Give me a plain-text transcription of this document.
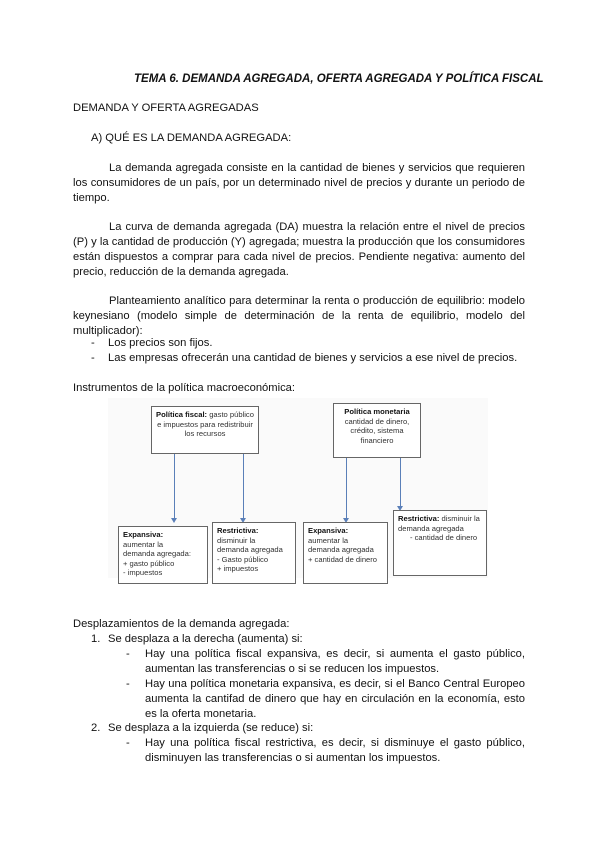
TEMA 6. DEMANDA AGREGADA, OFERTA AGREGADA Y POLÍTICA FISCAL
DEMANDA Y OFERTA AGREGADAS
A) QUÉ ES LA DEMANDA AGREGADA:
La demanda agregada consiste en la cantidad de bienes y servicios que requieren los consumidores de un país, por un determinado nivel de precios y durante un periodo de tiempo.
La curva de demanda agregada (DA) muestra la relación entre el nivel de precios (P) y la cantidad de producción (Y) agregada; muestra la producción que los consumidores están dispuestos a comprar para cada nivel de precios. Pendiente negativa: aumento del precio, reducción de la demanda agregada.
Planteamiento analítico para determinar la renta o producción de equilibrio: modelo keynesiano (modelo simple de determinación de la renta de equilibrio, modelo del multiplicador):
- Los precios son fijos.
- Las empresas ofrecerán una cantidad de bienes y servicios a ese nivel de precios.
Instrumentos de la política macroeconómica:
Política fiscal: gasto público e impuestos para redistribuir los recursos
Política monetaria
cantidad de dinero, crédito, sistema financiero
Expansiva:
aumentar la
demanda agregada:
+ gasto público
- impuestos
Restrictiva:
disminuir la
demanda agregada
- Gasto público
+ impuestos
Expansiva:
aumentar la
demanda agregada
+ cantidad de dinero
Restrictiva: disminuir la demanda agregada
- cantidad de dinero
Desplazamientos de la demanda agregada:
1. Se desplaza a la derecha (aumenta) si:
- Hay una política fiscal expansiva, es decir, si aumenta el gasto público, aumentan las transferencias o si se reducen los impuestos.
- Hay una política monetaria expansiva, es decir, si el Banco Central Europeo aumenta la cantifad de dinero que hay en circulación en la economía, esto es la oferta monetaria.
2. Se desplaza a la izquierda (se reduce) si:
- Hay una política fiscal restrictiva, es decir, si disminuye el gasto público, disminuyen las transferencias o si aumentan los impuestos.
